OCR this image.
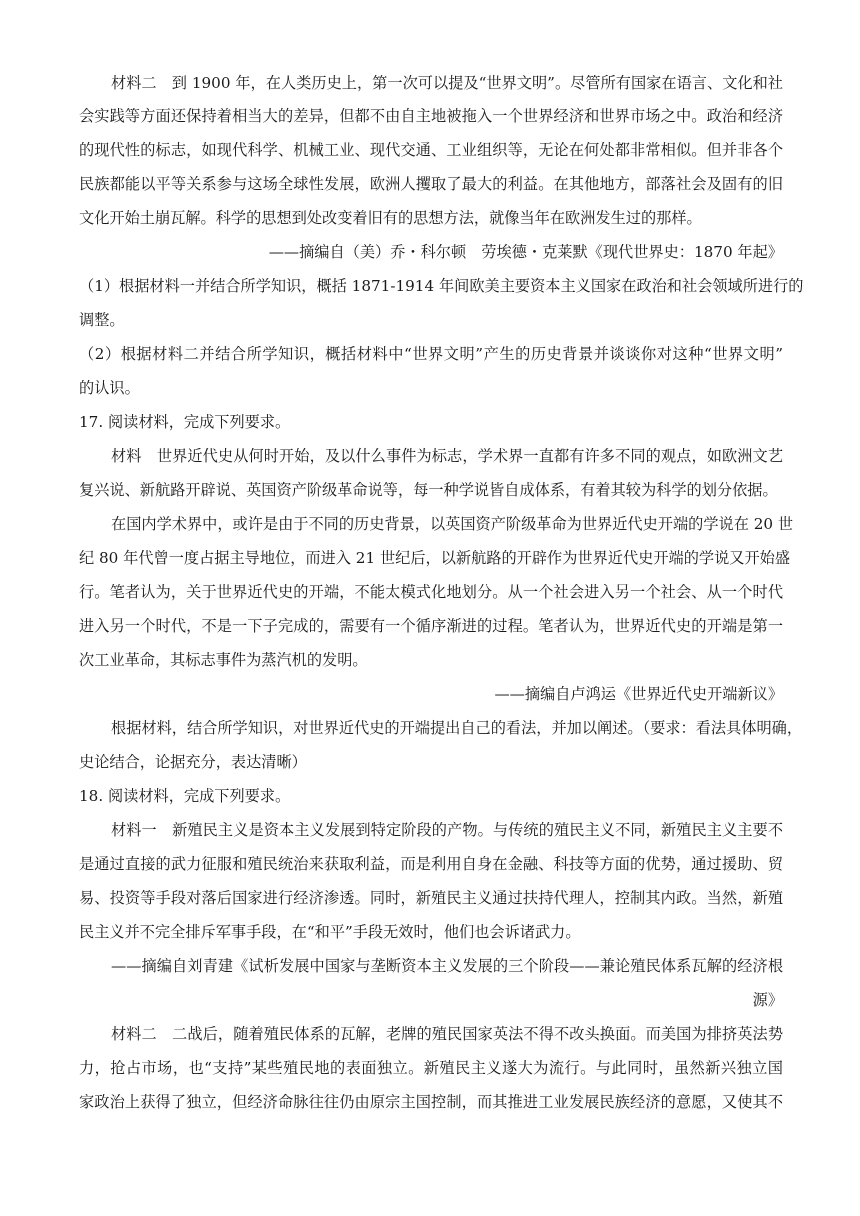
材料二　到 1900 年，在人类历史上，第一次可以提及“世界文明”。尽管所有国家在语言、文化和社
会实践等方面还保持着相当大的差异，但都不由自主地被拖入一个世界经济和世界市场之中。政治和经济
的现代性的标志，如现代科学、机械工业、现代交通、工业组织等，无论在何处都非常相似。但并非各个
民族都能以平等关系参与这场全球性发展，欧洲人攫取了最大的利益。在其他地方，部落社会及固有的旧
文化开始土崩瓦解。科学的思想到处改变着旧有的思想方法，就像当年在欧洲发生过的那样。
——摘编自（美）乔・科尔顿　劳埃德・克莱默《现代世界史：1870 年起》
（1）根据材料一并结合所学知识，概括 1871-1914 年间欧美主要资本主义国家在政治和社会领域所进行的
调整。
（2）根据材料二并结合所学知识，概括材料中“世界文明”产生的历史背景并谈谈你对这种“世界文明”
的认识。
17. 阅读材料，完成下列要求。
材料　世界近代史从何时开始，及以什么事件为标志，学术界一直都有许多不同的观点，如欧洲文艺
复兴说、新航路开辟说、英国资产阶级革命说等，每一种学说皆自成体系，有着其较为科学的划分依据。
在国内学术界中，或许是由于不同的历史背景，以英国资产阶级革命为世界近代史开端的学说在 20 世
纪 80 年代曾一度占据主导地位，而进入 21 世纪后，以新航路的开辟作为世界近代史开端的学说又开始盛
行。笔者认为，关于世界近代史的开端，不能太模式化地划分。从一个社会进入另一个社会、从一个时代
进入另一个时代，不是一下子完成的，需要有一个循序渐进的过程。笔者认为，世界近代史的开端是第一
次工业革命，其标志事件为蒸汽机的发明。
——摘编自卢鸿运《世界近代史开端新议》
根据材料，结合所学知识，对世界近代史的开端提出自己的看法，并加以阐述。（要求：看法具体明确，
史论结合，论据充分，表达清晰）
18. 阅读材料，完成下列要求。
材料一　新殖民主义是资本主义发展到特定阶段的产物。与传统的殖民主义不同，新殖民主义主要不
是通过直接的武力征服和殖民统治来获取利益，而是利用自身在金融、科技等方面的优势，通过援助、贸
易、投资等手段对落后国家进行经济渗透。同时，新殖民主义通过扶持代理人，控制其内政。当然，新殖
民主义并不完全排斥军事手段，在“和平”手段无效时，他们也会诉诸武力。
——摘编自刘青建《试析发展中国家与垄断资本主义发展的三个阶段——兼论殖民体系瓦解的经济根
源》
材料二　二战后，随着殖民体系的瓦解，老牌的殖民国家英法不得不改头换面。而美国为排挤英法势
力，抢占市场，也“支持”某些殖民地的表面独立。新殖民主义遂大为流行。与此同时，虽然新兴独立国
家政治上获得了独立，但经济命脉往往仍由原宗主国控制，而其推进工业发展民族经济的意愿，又使其不
